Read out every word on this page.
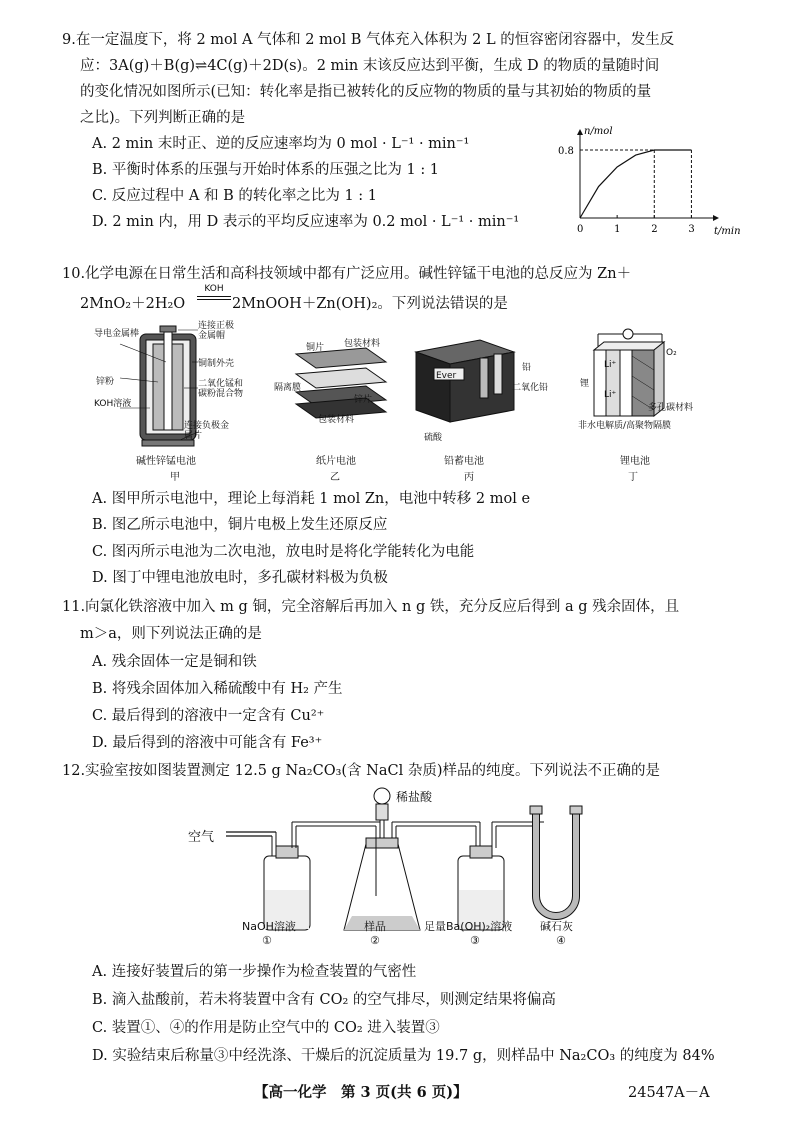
9.在一定温度下，将 2 mol A 气体和 2 mol B 气体充入体积为 2 L 的恒容密闭容器中，发生反
应：3A(g)＋B(g)⇌4C(g)＋2D(s)。2 min 末该反应达到平衡，生成 D 的物质的量随时间
的变化情况如图所示(已知：转化率是指已被转化的反应物的物质的量与其初始的物质的量
之比)。下列判断正确的是
A. 2 min 末时正、逆的反应速率均为 0 mol · L⁻¹ · min⁻¹
B. 平衡时体系的压强与开始时体系的压强之比为 1 : 1
C. 反应过程中 A 和 B 的转化率之比为 1 : 1
D. 2 min 内，用 D 表示的平均反应速率为 0.2 mol · L⁻¹ · min⁻¹
n/mol
t/min
0	1	2	3
0.8
10.化学电源在日常生活和高科技领域中都有广泛应用。碱性锌锰干电池的总反应为 Zn＋
2MnO₂＋2H₂O
KOH
2MnOOH＋Zn(OH)₂。下列说法错误的是
导电金属棒
锌粉
KOH溶液
连接正极金属帽
铜制外壳
二氧化锰和碳粉混合物
连接负极金属片
碱性锌锰电池
甲
铜片 包装材料
隔离膜
锌片
包装材料
纸片电池
乙
Ever
铅
二氧化铅
硫酸
铅蓄电池
丙
O₂
锂
Li⁺
Li⁺
多孔碳材料
非水电解质/高聚物隔膜
锂电池
丁
A. 图甲所示电池中，理论上每消耗 1 mol Zn，电池中转移 2 mol e
B. 图乙所示电池中，铜片电极上发生还原反应
C. 图丙所示电池为二次电池，放电时是将化学能转化为电能
D. 图丁中锂电池放电时，多孔碳材料极为负极
11.向氯化铁溶液中加入 m g 铜，完全溶解后再加入 n g 铁，充分反应后得到 a g 残余固体，且
m＞a，则下列说法正确的是
A. 残余固体一定是铜和铁
B. 将残余固体加入稀硫酸中有 H₂ 产生
C. 最后得到的溶液中一定含有 Cu²⁺
D. 最后得到的溶液中可能含有 Fe³⁺
12.实验室按如图装置测定 12.5 g Na₂CO₃(含 NaCl 杂质)样品的纯度。下列说法不正确的是
空气
稀盐酸
NaOH溶液
①
样品
②
足量Ba(OH)₂溶液
③
碱石灰
④
A. 连接好装置后的第一步操作为检查装置的气密性
B. 滴入盐酸前，若未将装置中含有 CO₂ 的空气排尽，则测定结果将偏高
C. 装置①、④的作用是防止空气中的 CO₂ 进入装置③
D. 实验结束后称量③中经洗涤、干燥后的沉淀质量为 19.7 g，则样品中 Na₂CO₃ 的纯度为 84%
【高一化学　第 3 页(共 6 页)】	24547A－A
